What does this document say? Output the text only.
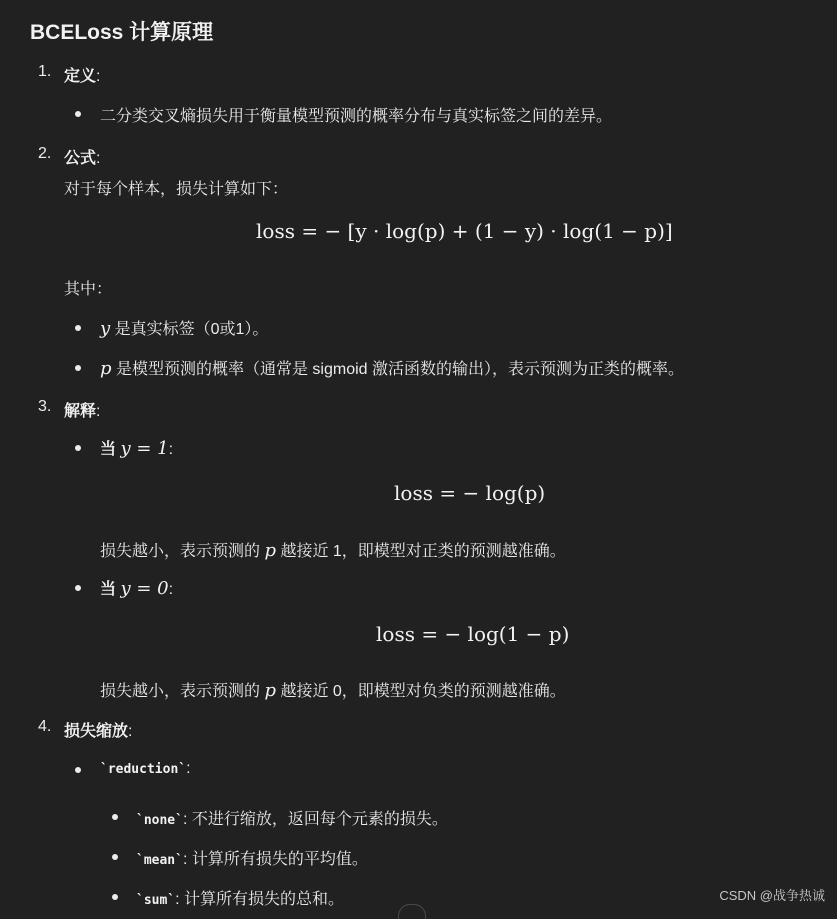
BCELoss 计算原理
1. 定义:
二分类交叉熵损失用于衡量模型预测的概率分布与真实标签之间的差异。
2. 公式:
对于每个样本，损失计算如下：
loss = − [y · log(p) + (1 − y) · log(1 − p)]
其中：
y 是真实标签（0或1）。
p 是模型预测的概率（通常是 sigmoid 激活函数的输出），表示预测为正类的概率。
3. 解释:
当 y = 1:
loss = − log(p)
损失越小，表示预测的 p 越接近 1，即模型对正类的预测越准确。
当 y = 0:
loss = − log(1 − p)
损失越小，表示预测的 p 越接近 0，即模型对负类的预测越准确。
4. 损失缩放:
`reduction`:
`none`: 不进行缩放，返回每个元素的损失。
`mean`: 计算所有损失的平均值。
`sum`: 计算所有损失的总和。	CSDN @战争热诚
